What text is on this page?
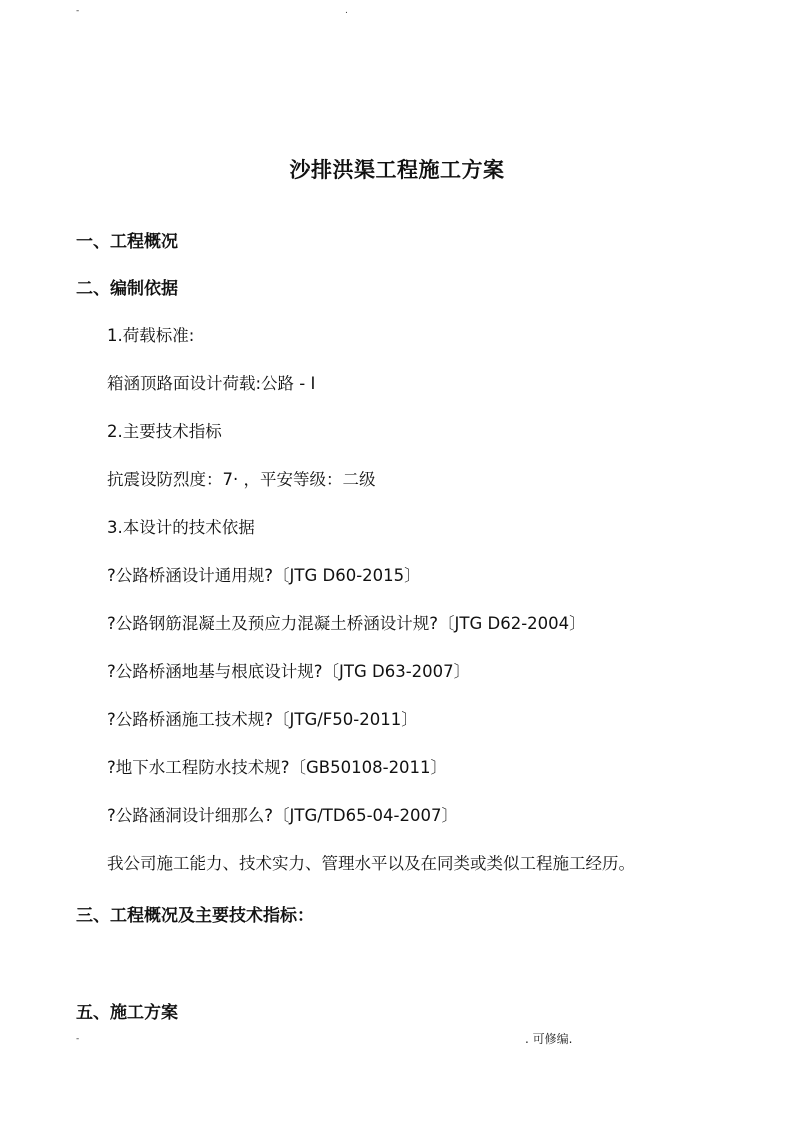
-	.
沙排洪渠工程施工方案
一、工程概况
二、编制依据
1.荷载标准:
箱涵顶路面设计荷载:公路 - Ⅰ
2.主要技术指标
抗震设防烈度：7· ，平安等级：二级
3.本设计的技术依据
?公路桥涵设计通用规?〔JTG D60-2015〕
?公路钢筋混凝土及预应力混凝土桥涵设计规?〔JTG D62-2004〕
?公路桥涵地基与根底设计规?〔JTG D63-2007〕
?公路桥涵施工技术规?〔JTG/F50-2011〕
?地下水工程防水技术规?〔GB50108-2011〕
?公路涵洞设计细那么?〔JTG/TD65-04-2007〕
我公司施工能力、技术实力、管理水平以及在同类或类似工程施工经历。
三、工程概况及主要技术指标：
五、施工方案
-	. 可修编.
